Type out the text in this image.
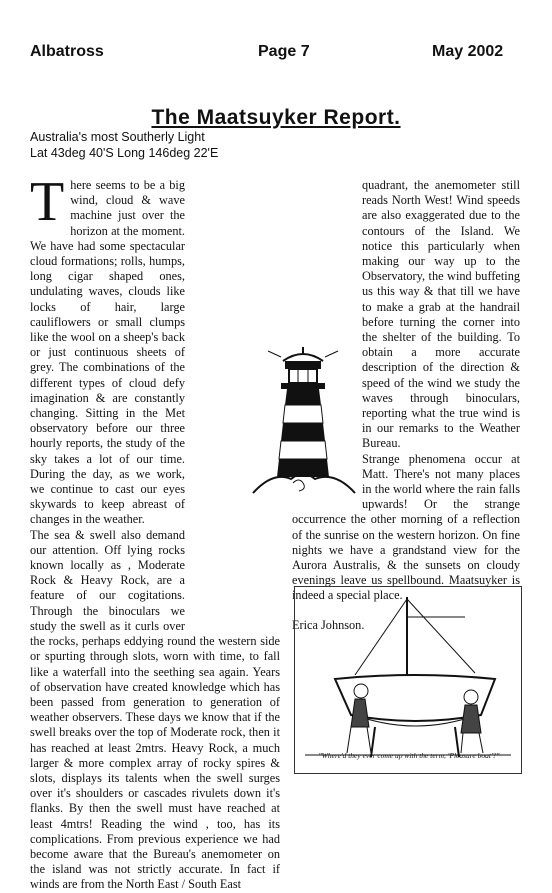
Albatross	Page 7	May 2002
The Maatsuyker Report.
Australia's most Southerly Light
Lat 43deg 40'S Long 146deg 22'E

There seems to be a big wind, cloud & wave machine just over the horizon at the moment. We have had some spectacular cloud formations; rolls, humps, long cigar shaped ones, undulating waves, clouds like locks of hair, large cauliflowers or small clumps like the wool on a sheep's back or just continuous sheets of grey. The combinations of the different types of cloud defy imagination & are constantly changing. Sitting in the Met observatory before our three hourly reports, the study of the sky takes a lot of our time. During the day, as we work, we continue to cast our eyes skywards to keep abreast of changes in the weather.

The sea & swell also demand our attention. Off lying rocks known locally as , Moderate Rock & Heavy Rock, are a feature of our cogitations. Through the binoculars we study the swell as it curls over the rocks, perhaps eddying round the western side or spurting through slots, worn with time, to fall like a waterfall into the seething sea again. Years of observation have created knowledge which has been passed from generation to generation of weather observers. These days we know that if the swell breaks over the top of Moderate rock, then it has reached at least 2mtrs. Heavy Rock, a much larger & more complex array of rocky spires & slots, displays its talents when the swell surges over it's shoulders or cascades rivulets down it's flanks. By then the swell must have reached at least 4mtrs! Reading the wind , too, has its complications. From previous experience we had become aware that the Bureau's anemometer on the island was not strictly accurate. In fact if winds are from the North East / South East

quadrant, the anemometer still reads North West! Wind speeds are also exaggerated due to the contours of the Island. We notice this particularly when making our way up to the Observatory, the wind buffeting us this way & that till we have to make a grab at the handrail before turning the corner into the shelter of the building. To obtain a more accurate description of the direction & speed of the wind we study the waves through binoculars, reporting what the true wind is in our remarks to the Weather Bureau.

Strange phenomena occur at Matt. There's not many places in the world where the rain falls upwards! Or the strange occurrence the other morning of a reflection of the sunrise on the western horizon. On fine nights we have a grandstand view for the Aurora Australis, & the sunsets on cloudy evenings leave us spellbound. Maatsuyker is indeed a special place.

Erica Johnson.

"Where'd they ever come up with the term, 'Pleasure boat'?"
